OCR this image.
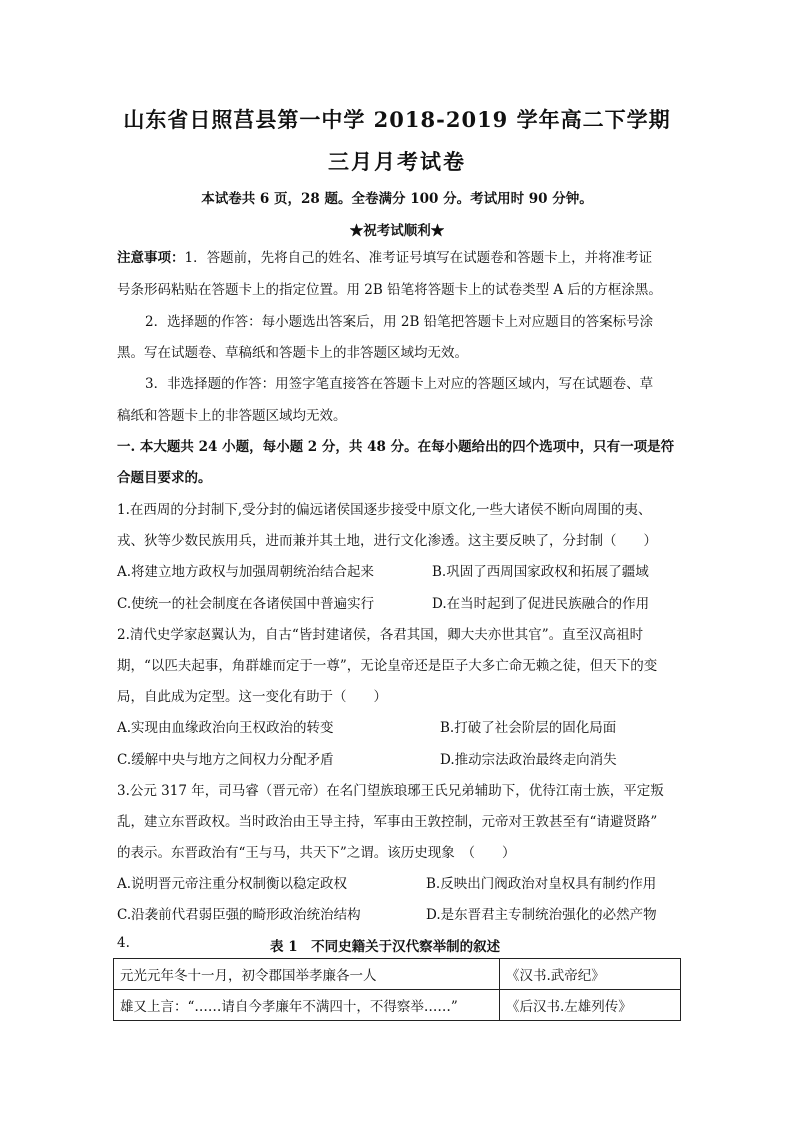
山东省日照莒县第一中学 2018-2019 学年高二下学期
三月月考试卷
本试卷共 6 页，28 题。全卷满分 100 分。考试用时 90 分钟。
★祝考试顺利★
注意事项：1．答题前，先将自己的姓名、准考证号填写在试题卷和答题卡上，并将准考证
号条形码粘贴在答题卡上的指定位置。用 2B 铅笔将答题卡上的试卷类型 A 后的方框涂黑。
2．选择题的作答：每小题选出答案后，用 2B 铅笔把答题卡上对应题目的答案标号涂
黑。写在试题卷、草稿纸和答题卡上的非答题区域均无效。
3．非选择题的作答：用签字笔直接答在答题卡上对应的答题区域内，写在试题卷、草
稿纸和答题卡上的非答题区域均无效。
一. 本大题共 24 小题，每小题 2 分，共 48 分。在每小题给出的四个选项中，只有一项是符
合题目要求的。
1.在西周的分封制下,受分封的偏远诸侯国逐步接受中原文化,一些大诸侯不断向周围的夷、
戎、狄等少数民族用兵，进而兼并其土地，进行文化渗透。这主要反映了，分封制（　　）
A.将建立地方政权与加强周朝统治结合起来	B.巩固了西周国家政权和拓展了疆域
C.使统一的社会制度在各诸侯国中普遍实行	D.在当时起到了促进民族融合的作用
2.清代史学家赵翼认为，自古“皆封建诸侯，各君其国，卿大夫亦世其官”。直至汉高祖时
期，“以匹夫起事，角群雄而定于一尊”，无论皇帝还是臣子大多亡命无赖之徒，但天下的变
局，自此成为定型。这一变化有助于（　　）
A.实现由血缘政治向王权政治的转变	B.打破了社会阶层的固化局面
C.缓解中央与地方之间权力分配矛盾	D.推动宗法政治最终走向消失
3.公元 317 年，司马睿（晋元帝）在名门望族琅琊王氏兄弟辅助下，优待江南士族，平定叛
乱，建立东晋政权。当时政治由王导主持，军事由王敦控制，元帝对王敦甚至有“请避贤路”
的表示。东晋政治有“王与马，共天下”之谓。该历史现象　（　　）
A.说明晋元帝注重分权制衡以稳定政权	B.反映出门阀政治对皇权具有制约作用
C.沿袭前代君弱臣强的畸形政治统治结构	D.是东晋君主专制统治强化的必然产物
4.	表 1　不同史籍关于汉代察举制的叙述
元光元年冬十一月，初令郡国举孝廉各一人	《汉书.武帝纪》
雄又上言：“……请自今孝廉年不满四十，不得察举……”	《后汉书.左雄列传》
